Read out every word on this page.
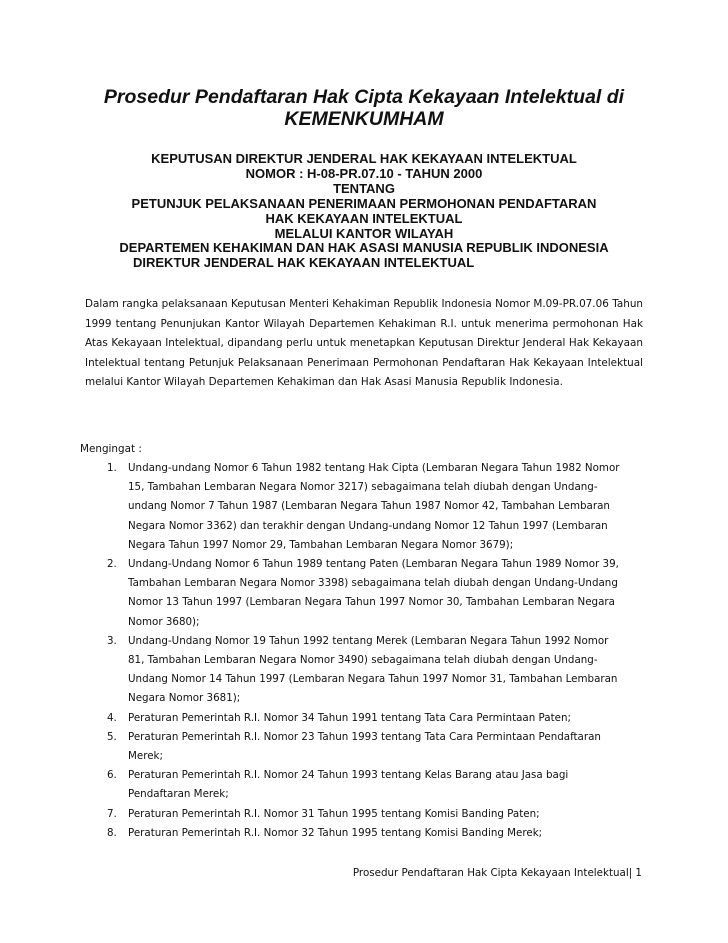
Prosedur Pendaftaran Hak Cipta Kekayaan Intelektual di
KEMENKUMHAM
KEPUTUSAN DIREKTUR JENDERAL HAK KEKAYAAN INTELEKTUAL
NOMOR : H-08-PR.07.10 - TAHUN 2000
TENTANG
PETUNJUK PELAKSANAAN PENERIMAAN PERMOHONAN PENDAFTARAN
HAK KEKAYAAN INTELEKTUAL
MELALUI KANTOR WILAYAH
DEPARTEMEN KEHAKIMAN DAN HAK ASASI MANUSIA REPUBLIK INDONESIA
DIREKTUR JENDERAL HAK KEKAYAAN INTELEKTUAL

Dalam rangka pelaksanaan Keputusan Menteri Kehakiman Republik Indonesia Nomor M.09-PR.07.06 Tahun 1999 tentang Penunjukan Kantor Wilayah Departemen Kehakiman R.I. untuk menerima permohonan Hak Atas Kekayaan Intelektual, dipandang perlu untuk menetapkan Keputusan Direktur Jenderal Hak Kekayaan Intelektual tentang Petunjuk Pelaksanaan Penerimaan Permohonan Pendaftaran Hak Kekayaan Intelektual melalui Kantor Wilayah Departemen Kehakiman dan Hak Asasi Manusia Republik Indonesia.

Mengingat :

1. Undang-undang Nomor 6 Tahun 1982 tentang Hak Cipta (Lembaran Negara Tahun 1982 Nomor
15, Tambahan Lembaran Negara Nomor 3217) sebagaimana telah diubah dengan Undang-
undang Nomor 7 Tahun 1987 (Lembaran Negara Tahun 1987 Nomor 42, Tambahan Lembaran
Negara Nomor 3362) dan terakhir dengan Undang-undang Nomor 12 Tahun 1997 (Lembaran
Negara Tahun 1997 Nomor 29, Tambahan Lembaran Negara Nomor 3679);
2. Undang-Undang Nomor 6 Tahun 1989 tentang Paten (Lembaran Negara Tahun 1989 Nomor 39,
Tambahan Lembaran Negara Nomor 3398) sebagaimana telah diubah dengan Undang-Undang
Nomor 13 Tahun 1997 (Lembaran Negara Tahun 1997 Nomor 30, Tambahan Lembaran Negara
Nomor 3680);
3. Undang-Undang Nomor 19 Tahun 1992 tentang Merek (Lembaran Negara Tahun 1992 Nomor
81, Tambahan Lembaran Negara Nomor 3490) sebagaimana telah diubah dengan Undang-
Undang Nomor 14 Tahun 1997 (Lembaran Negara Tahun 1997 Nomor 31, Tambahan Lembaran
Negara Nomor 3681);
4. Peraturan Pemerintah R.I. Nomor 34 Tahun 1991 tentang Tata Cara Permintaan Paten;
5. Peraturan Pemerintah R.I. Nomor 23 Tahun 1993 tentang Tata Cara Permintaan Pendaftaran
Merek;
6. Peraturan Pemerintah R.I. Nomor 24 Tahun 1993 tentang Kelas Barang atau Jasa bagi
Pendaftaran Merek;
7. Peraturan Pemerintah R.I. Nomor 31 Tahun 1995 tentang Komisi Banding Paten;
8. Peraturan Pemerintah R.I. Nomor 32 Tahun 1995 tentang Komisi Banding Merek;

Prosedur Pendaftaran Hak Cipta Kekayaan Intelektual| 1
